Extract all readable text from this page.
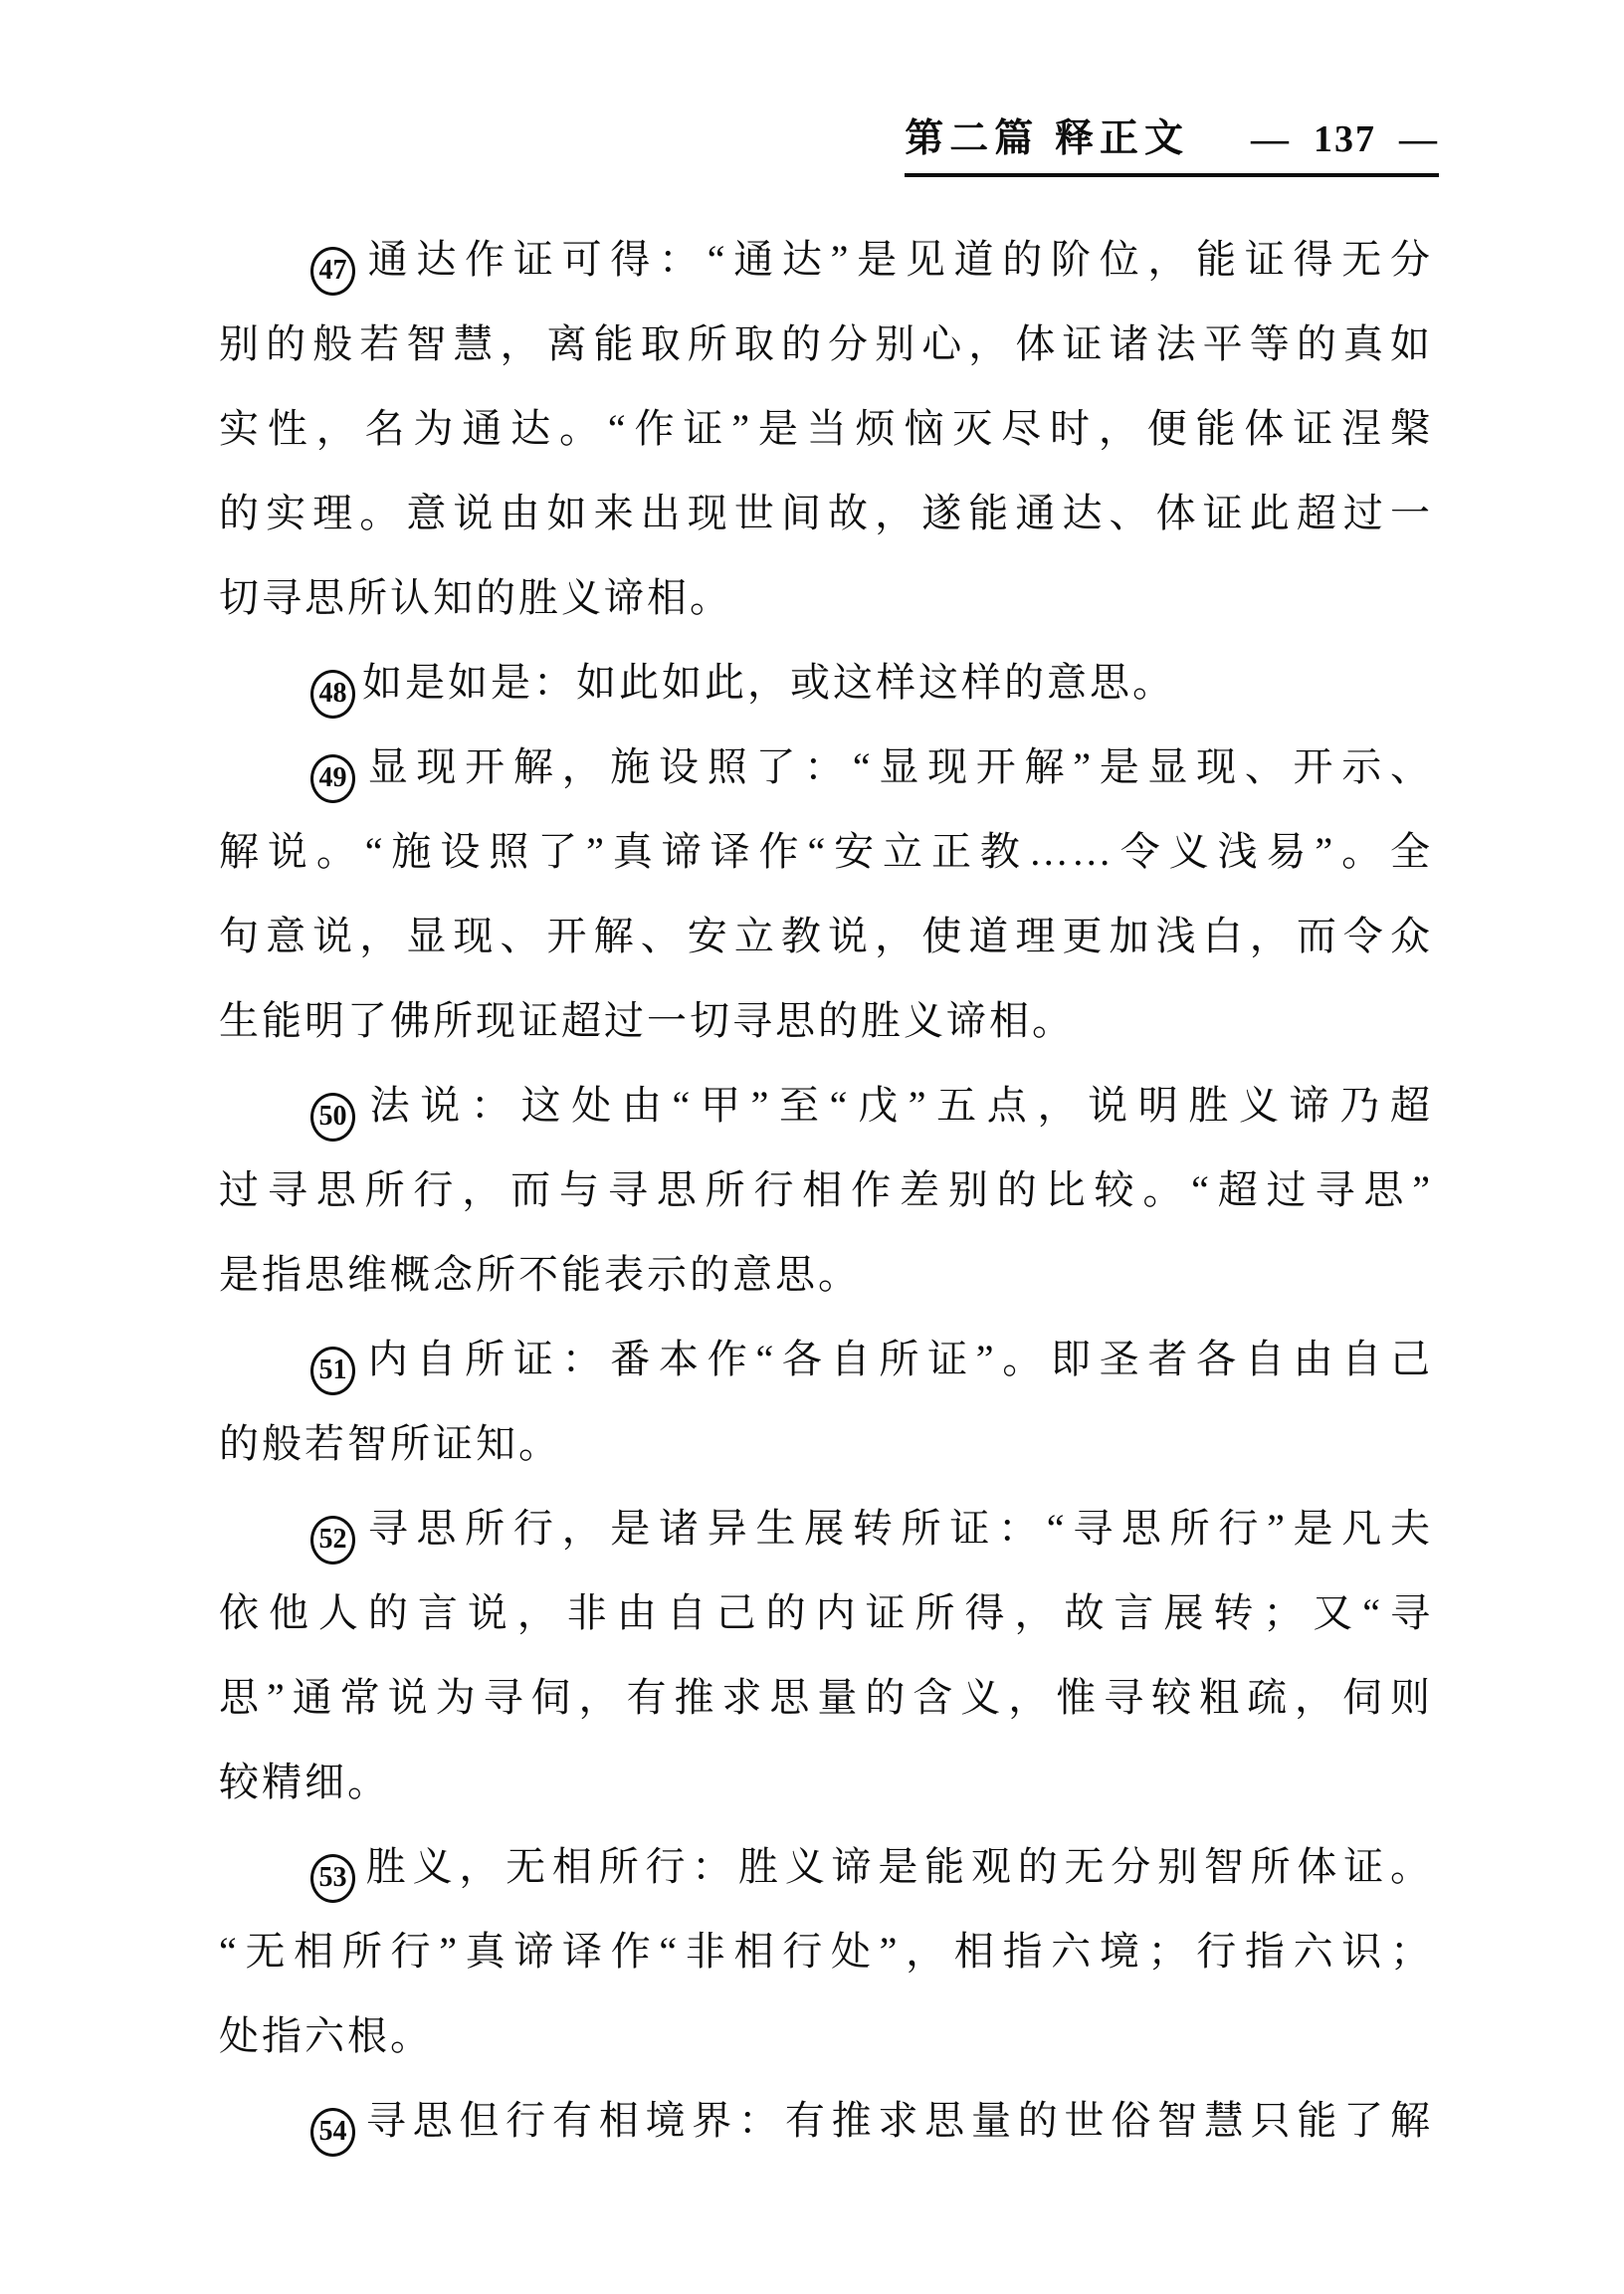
第二篇 释正文 —  137  —
47 通达作证可得：“通达”是见道的阶位，能证得无分
别的般若智慧，离能取所取的分别心，体证诸法平等的真如
实性，名为通达。“作证”是当烦恼灭尽时，便能体证涅槃
的实理。意说由如来出现世间故，遂能通达、体证此超过一
切寻思所认知的胜义谛相。
48 如是如是：如此如此，或这样这样的意思。
49 显现开解，施设照了：“显现开解”是显现、开示、
解说。“施设照了”真谛译作“安立正教……令义浅易”。全
句意说，显现、开解、安立教说，使道理更加浅白，而令众
生能明了佛所现证超过一切寻思的胜义谛相。
50 法说：这处由“甲”至“戊”五点，说明胜义谛乃超
过寻思所行，而与寻思所行相作差别的比较。“超过寻思”
是指思维概念所不能表示的意思。
51 内自所证：番本作“各自所证”。即圣者各自由自己
的般若智所证知。
52 寻思所行，是诸异生展转所证：“寻思所行”是凡夫
依他人的言说，非由自己的内证所得，故言展转；又“寻
思”通常说为寻伺，有推求思量的含义，惟寻较粗疏，伺则
较精细。
53 胜义，无相所行：胜义谛是能观的无分别智所体证。
“无相所行”真谛译作“非相行处”，相指六境；行指六识；
处指六根。
54 寻思但行有相境界：有推求思量的世俗智慧只能了解
